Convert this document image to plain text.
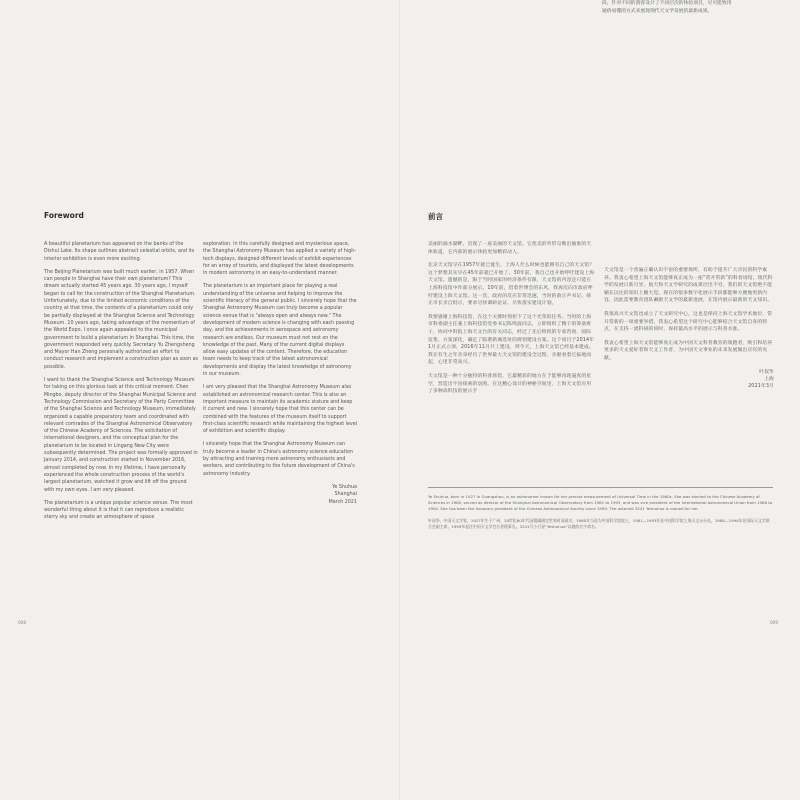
Foreword

A beautiful planetarium has appeared on the banks of the Dishui Lake. Its shape outlines abstract celestial orbits, and its interior exhibition is even more exciting.

The Beijing Planetarium was built much earlier, in 1957. When can people in Shanghai have their own planetarium? This dream actually started 45 years ago. 30 years ago, I myself began to call for the construction of the Shanghai Planetarium. Unfortunately, due to the limited economic conditions of the country at that time, the contents of a planetarium could only be partially displayed at the Shanghai Science and Technology Museum. 10 years ago, taking advantage of the momentum of the World Expo, I once again appealed to the municipal government to build a planetarium in Shanghai. This time, the government responded very quickly. Secretary Yu Zhengsheng and Mayor Han Zheng personally authorized an effort to conduct research and implement a construction plan as soon as possible.

I want to thank the Shanghai Science and Technology Museum for taking on this glorious task at this critical moment. Chen Mingbo, deputy director of the Shanghai Municipal Science and Technology Commission and Secretary of the Party Committee of the Shanghai Science and Technology Museum, immediately organized a capable preparatory team and coordinated with relevant comrades of the Shanghai Astronomical Observatory of the Chinese Academy of Sciences. The solicitation of international designers, and the conceptual plan for the planetarium to be located in Lingang New City were subsequently determined. The project was formally approved in January 2014, and construction started in November 2016, almost completed by now. In my lifetime, I have personally experienced the whole construction process of the world's largest planetarium, watched it grow and lift off the ground with my own eyes. I am very pleased.

The planetarium is a unique popular science venue. The most wonderful thing about it is that it can reproduce a realistic starry sky and create an atmosphere of space

exploration. In this carefully designed and mysterious space, the Shanghai Astronomy Museum has applied a variety of high-tech displays, designed different levels of exhibit experiences for an array of tourists, and displayed the latest developments in modern astronomy in an easy-to-understand manner.

The planetarium is an important place for playing a real understanding of the universe and helping to improve the scientific literacy of the general public. I sincerely hope that the Shanghai Astronomy Museum can truly become a popular science venue that is "always open and always new." The development of modern science is changing with each passing day, and the achievements in aerospace and astronomy research are endless. Our museum must not rest on the knowledge of the past. Many of the current digital displays allow easy updates of the content. Therefore, the education team needs to keep track of the latest astronomical developments and display the latest knowledge of astronomy in our museum.

I am very pleased that the Shanghai Astronomy Museum also established an astronomical research center. This is also an important measure to maintain its academic stature and keep it current and new. I sincerely hope that this center can be combined with the features of the museum itself to support first-class scientific research while maintaining the highest level of exhibition and scientific display.

I sincerely hope that the Shanghai Astronomy Museum can truly become a leader in China's astronomy science education by attracting and training more astronomy enthusiasts and workers, and contributing to the future development of China's astronomy industry.

Ye Shuhua
Shanghai
March 2021
008
段，针对不同的游客设计了不同层次的体验项目，尽可能致用
通俗易懂的方式来展现现代天文学发展的最新成果。
前言

美丽的滴水湖畔，出现了一座美丽的天文馆。它优美的外形勾勒出抽象的天体轨道，它内部的展示体验更加精彩动人。

北京天文馆早在1957年就已诞生，上海人什么时候也能拥有自己的天文馆？这个梦想其实早在45年前就已开始了。30年前，我自己也开始呼吁建设上海天文馆。遗憾的是，限于当时国家的经济条件有限，天文馆的内容还只能在上海科技馆中作部分展示。10年前，借着世博会的东风，我再次向市政府呼吁建设上海天文馆。这一次，政府的反应非常迅速，当时的俞正声书记、韩正市长亲自批示，要求尽快调研论证、尽快落实建设计划。

我要感谢上海科技馆，在这个关键时刻担下了这个光荣的任务。当时的上海市科委副主任兼上海科技馆党委书记陈鸣波同志，立即组织了精干的筹备班子，协同中科院上海天文台的有关同志，经过了先后组织的专家咨询、国际征集、方案深化，确定了临港新城选址的规划建设方案。这个项目于2014年1月正式立项，2016年11月开工建设，到今天，上海天文馆已经基本建成。我在有生之年亲身经历了世界最大天文馆的建设全过程，亲眼看着它拔地而起，心里非常高兴。

天文馆是一种十分独特的科普场馆，它最精彩的地方在于能够再现逼真的星空，营造出宇宙探索的氛围。在这精心设计的神秘空间里，上海天文馆应用了多种高科技的展示手

天文馆是一个普遍正确认识宇宙的重要场所，有助于提升广大市民的科学素养。我衷心希望上海天文馆能够真正成为一座“常开常新”的科普场馆。现代科学的发展日新月异，航天和天文学研究的成果层出不穷，我们的天文馆绝不能躺在以往的知识上睡大觉。现在的很多数字化展示手段都能够方便地更新内容，因此需要教育团队紧跟天文学的最新进展，在馆内展示最新的天文知识。

我很高兴天文馆也成立了天文研究中心，这也是保持上海天文馆学术地位、常开常新的一项重要举措。我衷心希望这个研究中心能够结合天文馆自身的特点，在支持一流科研的同时，保持最高水平的展示与科普水准。

我衷心希望上海天文馆能够真正成为中国天文科普教育的领跑者，吸引和培养更多的天文爱好者和天文工作者，为中国天文事业的未来发展做出应有的贡献。

叶叔华
上海
2021年3月

Ye Shuhua, born in 1927 in Guangzhou, is an astronomer known for her precise measurement of Universal Time in the 1960s. She was elected to the Chinese Academy of Sciences in 1980, served as director of the Shanghai Astronomical Observatory from 1981 to 1993, and was vice president of the International Astronomical Union from 1988 to 1994. She has been the honorary president of the Chinese Astronomical Society since 1999. The asteroid 3241 Yeshuhua is named for her.

叶叔华，中国天文学家，1927年生于广州。20世纪60年代因精确测定世界时而闻名。1980年当选为中国科学院院士，1981—1993年任中国科学院上海天文台台长，1988—1994年任国际天文学联合会副主席，1999年起任中国天文学会名誉理事长。3241号小行星“Yeshuhua”以她的名字命名。

009
